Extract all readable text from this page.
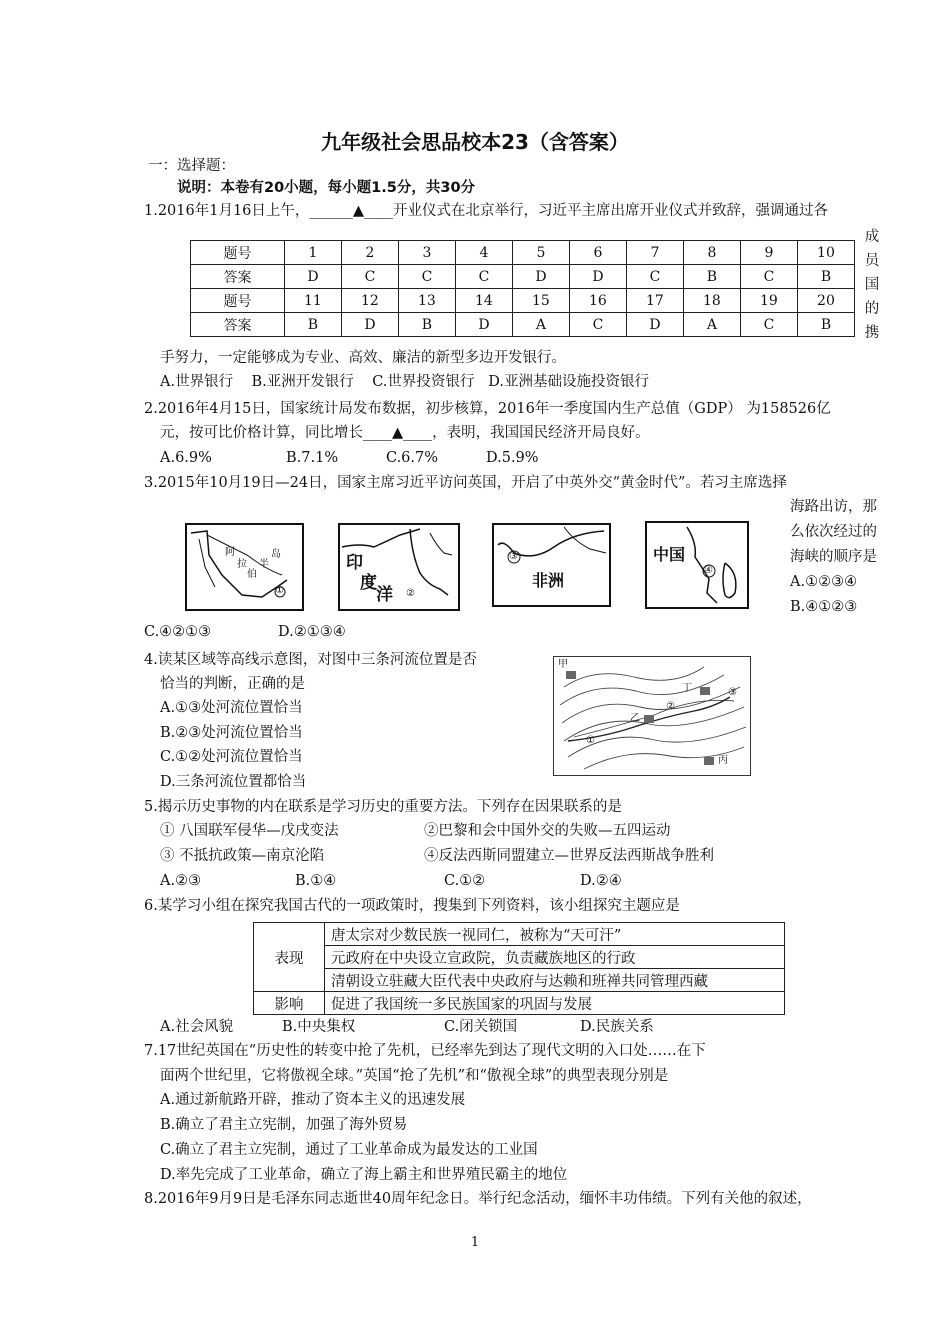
九年级社会思品校本23（含答案）
一：选择题：
说明：本卷有20小题，每小题1.5分，共30分
1.2016年1月16日上午，______▲____开业仪式在北京举行，习近平主席出席开业仪式并致辞，强调通过各
题号	1	2	3	4	5	6	7	8	9	10
答案	D	C	C	C	D	D	C	B	C	B
题号	11	12	13	14	15	16	17	18	19	20
答案	B	D	B	D	A	C	D	A	C	B
成
员
国
的
携
手努力，一定能够成为专业、高效、廉洁的新型多边开发银行。
A.世界银行    B.亚洲开发银行    C.世界投资银行   D.亚洲基础设施投资银行
2.2016年4月15日，国家统计局发布数据，初步核算，2016年一季度国内生产总值（GDP） 为158526亿
元，按可比价格计算，同比增长____▲____，表明，我国国民经济开局良好。
A.6.9%	B.7.1%	C.6.7%	D.5.9%
3.2015年10月19日—24日，国家主席习近平访问英国，开启了中英外交“黄金时代”。若习主席选择
海路出访，那
么依次经过的
海峡的顺序是
A.①②③④
B.④①②③
阿
拉
伯
半
岛
①
印
度
洋 ②
③
非洲
中国
④
C.④②①③	D.②①③④
4.读某区域等高线示意图，对图中三条河流位置是否
恰当的判断，正确的是
A.①③处河流位置恰当
B.②③处河流位置恰当
C.①②处河流位置恰当
D.三条河流位置都恰当
甲
乙
丙
丁
①
②
③
5.揭示历史事物的内在联系是学习历史的重要方法。下列存在因果联系的是
① 八国联军侵华—戊戌变法	②巴黎和会中国外交的失败—五四运动
③ 不抵抗政策—南京沦陷	④反法西斯同盟建立—世界反法西斯战争胜利
A.②③	B.①④	C.①②	D.②④
6.某学习小组在探究我国古代的一项政策时，搜集到下列资料，该小组探究主题应是
表现	唐太宗对少数民族一视同仁，被称为“天可汗”
	元政府在中央设立宣政院，负责藏族地区的行政
	清朝设立驻藏大臣代表中央政府与达赖和班禅共同管理西藏
影响	促进了我国统一多民族国家的巩固与发展
A.社会风貌	B.中央集权	C.闭关锁国	D.民族关系
7.17世纪英国在“历史性的转变中抢了先机，已经率先到达了现代文明的入口处……在下
面两个世纪里，它将傲视全球。”英国“抢了先机”和“傲视全球”的典型表现分别是
A.通过新航路开辟，推动了资本主义的迅速发展
B.确立了君主立宪制，加强了海外贸易
C.确立了君主立宪制，通过了工业革命成为最发达的工业国
D.率先完成了工业革命，确立了海上霸主和世界殖民霸主的地位
8.2016年9月9日是毛泽东同志逝世40周年纪念日。举行纪念活动，缅怀丰功伟绩。下列有关他的叙述，
1
